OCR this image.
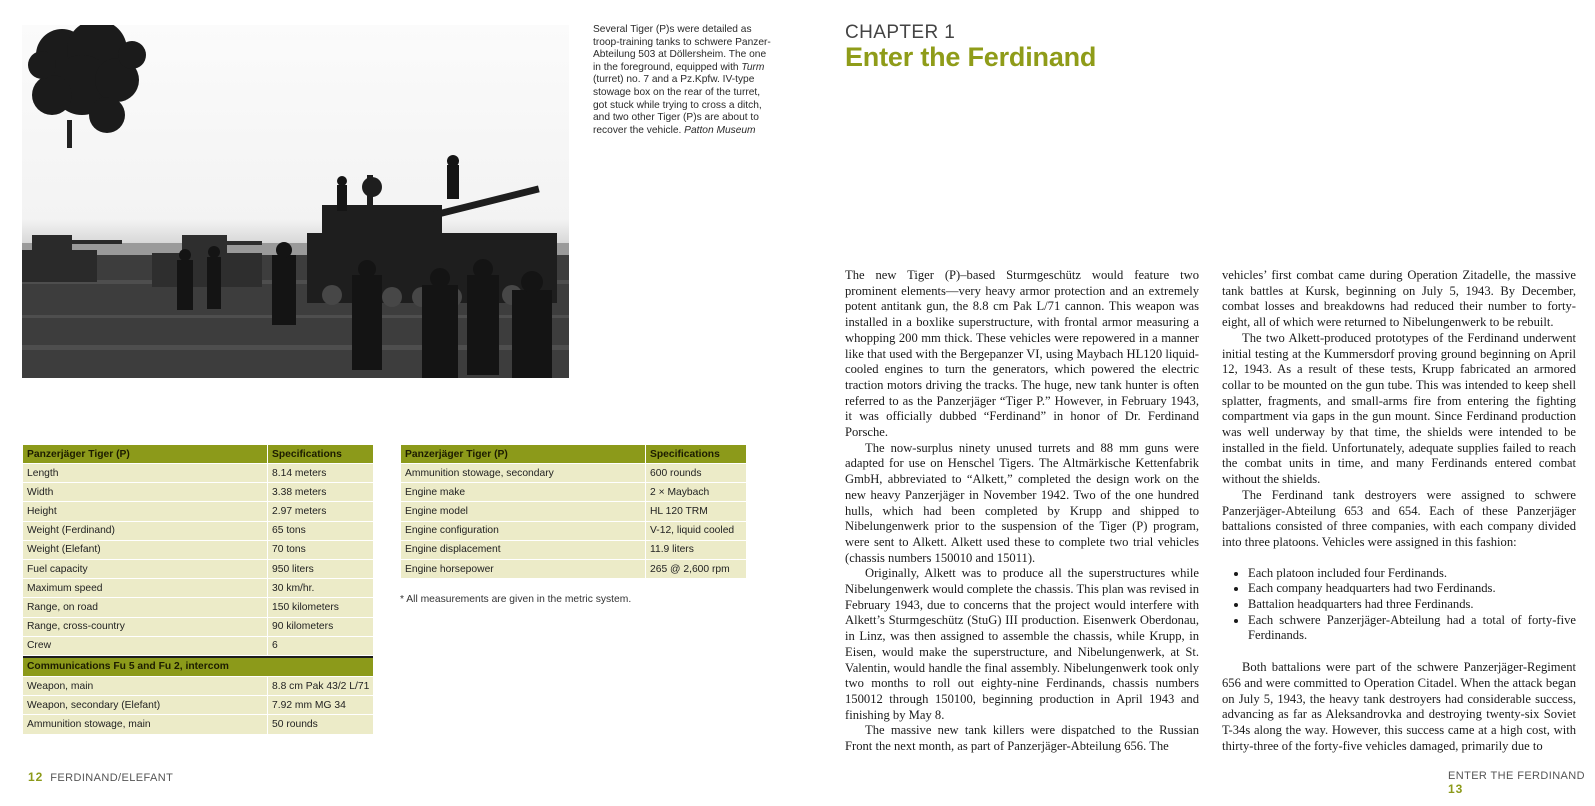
Several Tiger (P)s were detailed as troop-training tanks to schwere Panzer-Abteilung 503 at Döllersheim. The one in the foreground, equipped with Turm (turret) no. 7 and a Pz.Kpfw. IV-type stowage box on the rear of the turret, got stuck while trying to cross a ditch, and two other Tiger (P)s are about to recover the vehicle. Patton Museum
Panzerjäger Tiger (P)	Specifications
Length	8.14 meters
Width	3.38 meters
Height	2.97 meters
Weight (Ferdinand)	65 tons
Weight (Elefant)	70 tons
Fuel capacity	950 liters
Maximum speed	30 km/hr.
Range, on road	150 kilometers
Range, cross-country	90 kilometers
Crew	6
Communications Fu 5 and Fu 2, intercom	
Weapon, main	8.8 cm Pak 43/2 L/71
Weapon, secondary (Elefant)	7.92 mm MG 34
Ammunition stowage, main	50 rounds
Panzerjäger Tiger (P)	Specifications
Ammunition stowage, secondary	600 rounds
Engine make	2 × Maybach
Engine model	HL 120 TRM
Engine configuration	V-12, liquid cooled
Engine displacement	11.9 liters
Engine horsepower	265 @ 2,600 rpm
* All measurements are given in the metric system.
12 FERDINAND/ELEFANT
CHAPTER 1
Enter the Ferdinand

The new Tiger (P)–based Sturmgeschütz would feature two prominent elements—very heavy armor protection and an extremely potent antitank gun, the 8.8 cm Pak L/71 cannon. This weapon was installed in a boxlike superstructure, with frontal armor measuring a whopping 200 mm thick. These vehicles were repowered in a manner like that used with the Bergepanzer VI, using Maybach HL120 liquid-cooled engines to turn the generators, which powered the electric traction motors driving the tracks. The huge, new tank hunter is often referred to as the Panzerjäger “Tiger P.” However, in February 1943, it was officially dubbed “Ferdinand” in honor of Dr. Ferdinand Porsche.

The now-surplus ninety unused turrets and 88 mm guns were adapted for use on Henschel Tigers. The Altmärkische Kettenfabrik GmbH, abbreviated to “Alkett,” completed the design work on the new heavy Panzerjäger in November 1942. Two of the one hundred hulls, which had been completed by Krupp and shipped to Nibelungenwerk prior to the suspension of the Tiger (P) program, were sent to Alkett. Alkett used these to complete two trial vehicles (chassis numbers 150010 and 15011).

Originally, Alkett was to produce all the superstructures while Nibelungenwerk would complete the chassis. This plan was revised in February 1943, due to concerns that the project would interfere with Alkett’s Sturmgeschütz (StuG) III production. Eisenwerk Oberdonau, in Linz, was then assigned to assemble the chassis, while Krupp, in Eisen, would make the superstructure, and Nibelungenwerk, at St. Valentin, would handle the final assembly. Nibelungenwerk took only two months to roll out eighty-nine Ferdinands, chassis numbers 150012 through 150100, beginning production in April 1943 and finishing by May 8.

The massive new tank killers were dispatched to the Russian Front the next month, as part of Panzerjäger-Abteilung 656. The

vehicles’ first combat came during Operation Zitadelle, the massive tank battles at Kursk, beginning on July 5, 1943. By December, combat losses and breakdowns had reduced their number to forty-eight, all of which were returned to Nibelungenwerk to be rebuilt.

The two Alkett-produced prototypes of the Ferdinand underwent initial testing at the Kummersdorf proving ground beginning on April 12, 1943. As a result of these tests, Krupp fabricated an armored collar to be mounted on the gun tube. This was intended to keep shell splatter, fragments, and small-arms fire from entering the fighting compartment via gaps in the gun mount. Since Ferdinand production was well underway by that time, the shields were intended to be installed in the field. Unfortunately, adequate supplies failed to reach the combat units in time, and many Ferdinands entered combat without the shields.

The Ferdinand tank destroyers were assigned to schwere Panzerjäger-Abteilung 653 and 654. Each of these Panzerjäger battalions consisted of three companies, with each company divided into three platoons. Vehicles were assigned in this fashion:

• Each platoon included four Ferdinands.
• Each company headquarters had two Ferdinands.
• Battalion headquarters had three Ferdinands.
• Each schwere Panzerjäger-Abteilung had a total of forty-five Ferdinands.

Both battalions were part of the schwere Panzerjäger-Regiment 656 and were committed to Operation Citadel. When the attack began on July 5, 1943, the heavy tank destroyers had considerable success, advancing as far as Aleksandrovka and destroying twenty-six Soviet T-34s along the way. However, this success came at a high cost, with thirty-three of the forty-five vehicles damaged, primarily due to

ENTER THE FERDINAND  13
